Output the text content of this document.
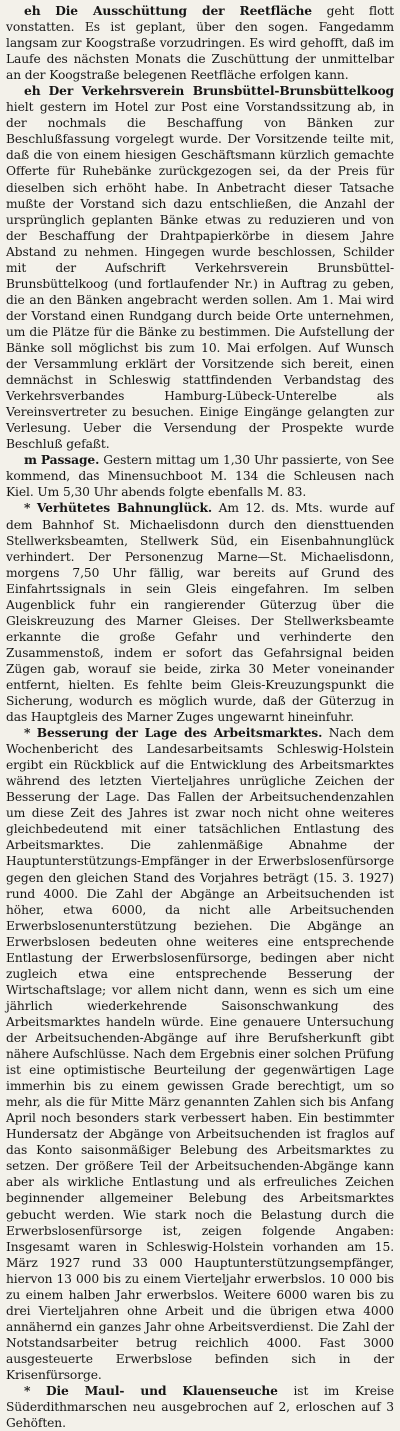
eh Die Ausschüttung der Reetfläche geht flott vonstatten. Es ist geplant, über den sogen. Fangedamm langsam zur Koogstraße vorzudringen. Es wird gehofft, daß im Laufe des nächsten Monats die Zuschüttung der unmittelbar an der Koogstraße belegenen Reetfläche erfolgen kann.

eh Der Verkehrsverein Brunsbüttel-Brunsbüttelkoog hielt gestern im Hotel zur Post eine Vorstandssitzung ab, in der nochmals die Beschaffung von Bänken zur Beschlußfassung vorgelegt wurde. Der Vorsitzende teilte mit, daß die von einem hiesigen Geschäftsmann kürzlich gemachte Offerte für Ruhebänke zurückgezogen sei, da der Preis für dieselben sich erhöht habe. In Anbetracht dieser Tatsache mußte der Vorstand sich dazu entschließen, die Anzahl der ursprünglich geplanten Bänke etwas zu reduzieren und von der Beschaffung der Drahtpapierkörbe in diesem Jahre Abstand zu nehmen. Hingegen wurde beschlossen, Schilder mit der Aufschrift Verkehrsverein Brunsbüttel-Brunsbüttelkoog (und fortlaufender Nr.) in Auftrag zu geben, die an den Bänken angebracht werden sollen. Am 1. Mai wird der Vorstand einen Rundgang durch beide Orte unternehmen, um die Plätze für die Bänke zu bestimmen. Die Aufstellung der Bänke soll möglichst bis zum 10. Mai erfolgen. Auf Wunsch der Versammlung erklärt der Vorsitzende sich bereit, einen demnächst in Schleswig stattfindenden Verbandstag des Verkehrsverbandes Hamburg-Lübeck-Unterelbe als Vereinsvertreter zu besuchen. Einige Eingänge gelangten zur Verlesung. Ueber die Versendung der Prospekte wurde Beschluß gefaßt.

m Passage. Gestern mittag um 1,30 Uhr passierte, von See kommend, das Minensuchboot M. 134 die Schleusen nach Kiel. Um 5,30 Uhr abends folgte ebenfalls M. 83.

* Verhütetes Bahnunglück. Am 12. ds. Mts. wurde auf dem Bahnhof St. Michaelisdonn durch den diensttuenden Stellwerksbeamten, Stellwerk Süd, ein Eisenbahnunglück verhindert. Der Personenzug Marne—St. Michaelisdonn, morgens 7,50 Uhr fällig, war bereits auf Grund des Einfahrtssignals in sein Gleis eingefahren. Im selben Augenblick fuhr ein rangierender Güterzug über die Gleiskreuzung des Marner Gleises. Der Stellwerksbeamte erkannte die große Gefahr und verhinderte den Zusammenstoß, indem er sofort das Gefahrsignal beiden Zügen gab, worauf sie beide, zirka 30 Meter voneinander entfernt, hielten. Es fehlte beim Gleis-Kreuzungspunkt die Sicherung, wodurch es möglich wurde, daß der Güterzug in das Hauptgleis des Marner Zuges ungewarnt hineinfuhr.

* Besserung der Lage des Arbeitsmarktes. Nach dem Wochenbericht des Landesarbeitsamts Schleswig-Holstein ergibt ein Rückblick auf die Entwicklung des Arbeitsmarktes während des letzten Vierteljahres unrügliche Zeichen der Besserung der Lage. Das Fallen der Arbeitsuchendenzahlen um diese Zeit des Jahres ist zwar noch nicht ohne weiteres gleichbedeutend mit einer tatsächlichen Entlastung des Arbeitsmarktes. Die zahlenmäßige Abnahme der Hauptunterstützungs-Empfänger in der Erwerbslosenfürsorge gegen den gleichen Stand des Vorjahres beträgt (15. 3. 1927) rund 4000. Die Zahl der Abgänge an Arbeitsuchenden ist höher, etwa 6000, da nicht alle Arbeitsuchenden Erwerbslosenunterstützung beziehen. Die Abgänge an Erwerbslosen bedeuten ohne weiteres eine entsprechende Entlastung der Erwerbslosenfürsorge, bedingen aber nicht zugleich etwa eine entsprechende Besserung der Wirtschaftslage; vor allem nicht dann, wenn es sich um eine jährlich wiederkehrende Saisonschwankung des Arbeitsmarktes handeln würde. Eine genauere Untersuchung der Arbeitsuchenden-Abgänge auf ihre Berufsherkunft gibt nähere Aufschlüsse. Nach dem Ergebnis einer solchen Prüfung ist eine optimistische Beurteilung der gegenwärtigen Lage immerhin bis zu einem gewissen Grade berechtigt, um so mehr, als die für Mitte März genannten Zahlen sich bis Anfang April noch besonders stark verbessert haben. Ein bestimmter Hundersatz der Abgänge von Arbeitsuchenden ist fraglos auf das Konto saisonmäßiger Belebung des Arbeitsmarktes zu setzen. Der größere Teil der Arbeitsuchenden-Abgänge kann aber als wirkliche Entlastung und als erfreuliches Zeichen beginnender allgemeiner Belebung des Arbeitsmarktes gebucht werden. Wie stark noch die Belastung durch die Erwerbslosenfürsorge ist, zeigen folgende Angaben: Insgesamt waren in Schleswig-Holstein vorhanden am 15. März 1927 rund 33 000 Hauptunterstützungsempfänger, hiervon 13 000 bis zu einem Vierteljahr erwerbslos. 10 000 bis zu einem halben Jahr erwerbslos. Weitere 6000 waren bis zu drei Vierteljahren ohne Arbeit und die übrigen etwa 4000 annähernd ein ganzes Jahr ohne Arbeitsverdienst. Die Zahl der Notstandsarbeiter betrug reichlich 4000. Fast 3000 ausgesteuerte Erwerbslose befinden sich in der Krisenfürsorge.

* Die Maul- und Klauenseuche ist im Kreise Süderdithmarschen neu ausgebrochen auf 2, erloschen auf 3 Gehöften.
